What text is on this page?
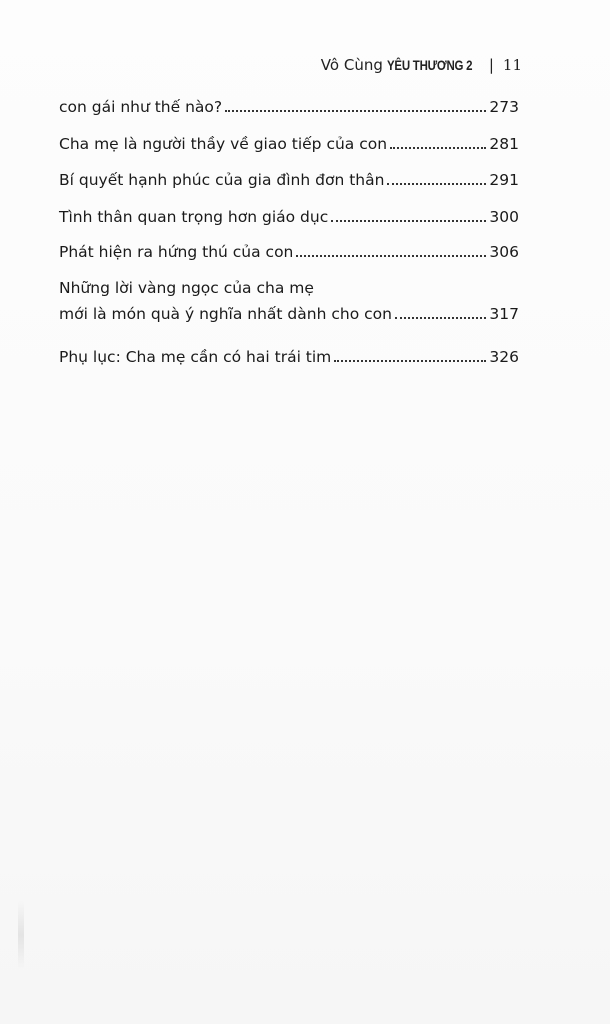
Vô Cùng YÊU THƯƠNG 2 | 11
con gái như thế nào?	273
Cha mẹ là người thầy về giao tiếp của con	281
Bí quyết hạnh phúc của gia đình đơn thân	291
Tình thân quan trọng hơn giáo dục	300
Phát hiện ra hứng thú của con	306
Những lời vàng ngọc của cha mẹ
mới là món quà ý nghĩa nhất dành cho con	317
Phụ lục: Cha mẹ cần có hai trái tim	326
